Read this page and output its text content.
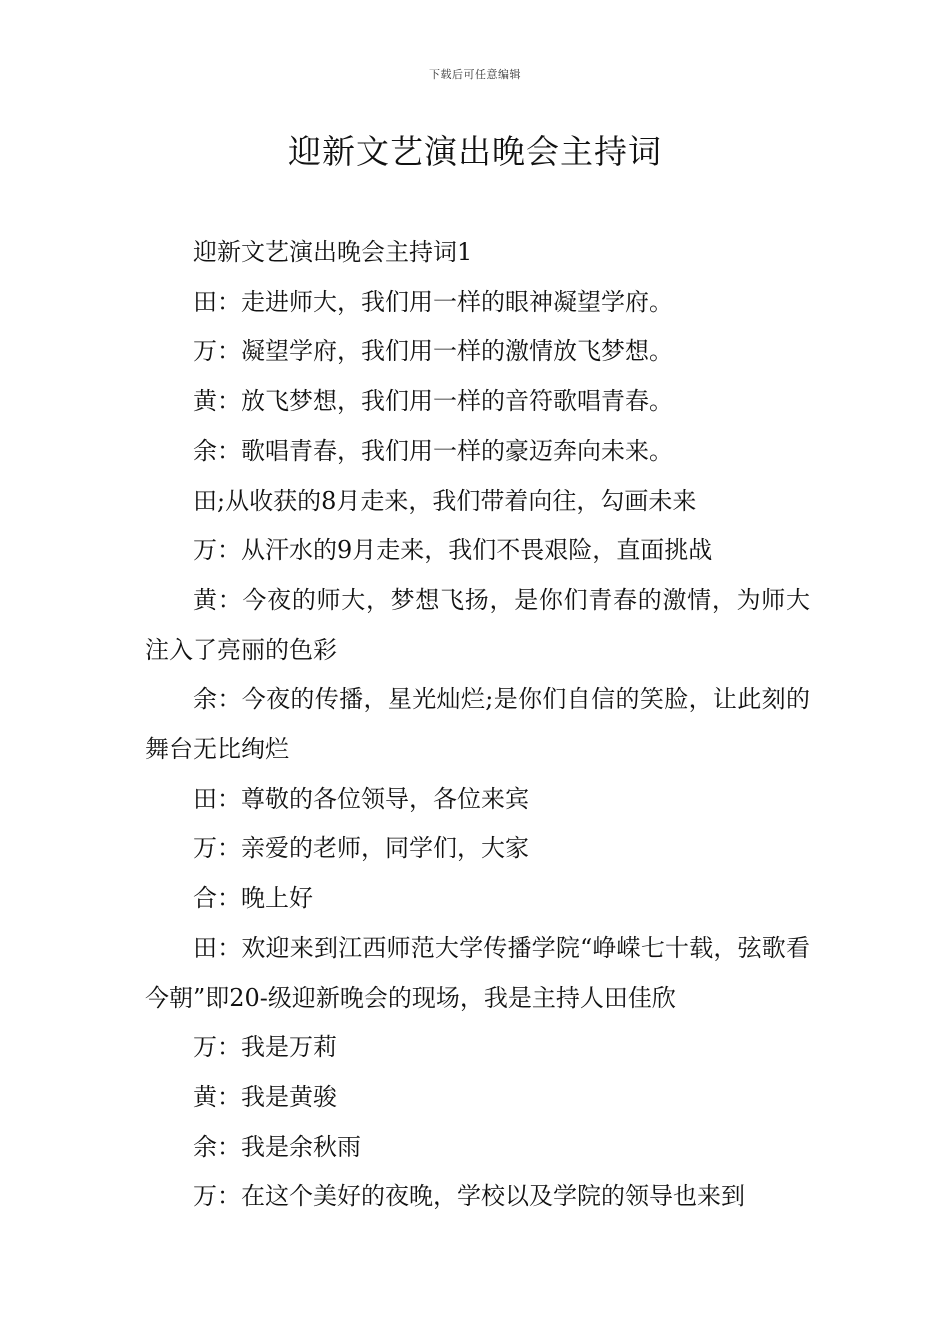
下载后可任意编辑
迎新文艺演出晚会主持词

迎新文艺演出晚会主持词1

田：走进师大，我们用一样的眼神凝望学府。

万：凝望学府，我们用一样的激情放飞梦想。

黄：放飞梦想，我们用一样的音符歌唱青春。

余：歌唱青春，我们用一样的豪迈奔向未来。

田;从收获的8月走来，我们带着向往，勾画未来

万：从汗水的9月走来，我们不畏艰险，直面挑战

黄：今夜的师大，梦想飞扬，是你们青春的激情，为师大注入了亮丽的色彩

余：今夜的传播，星光灿烂;是你们自信的笑脸，让此刻的舞台无比绚烂

田：尊敬的各位领导，各位来宾

万：亲爱的老师，同学们，大家

合：晚上好

田：欢迎来到江西师范大学传播学院“峥嵘七十载，弦歌看今朝”即20-级迎新晚会的现场，我是主持人田佳欣

万：我是万莉

黄：我是黄骏

余：我是余秋雨

万：在这个美好的夜晚，学校以及学院的领导也来到
